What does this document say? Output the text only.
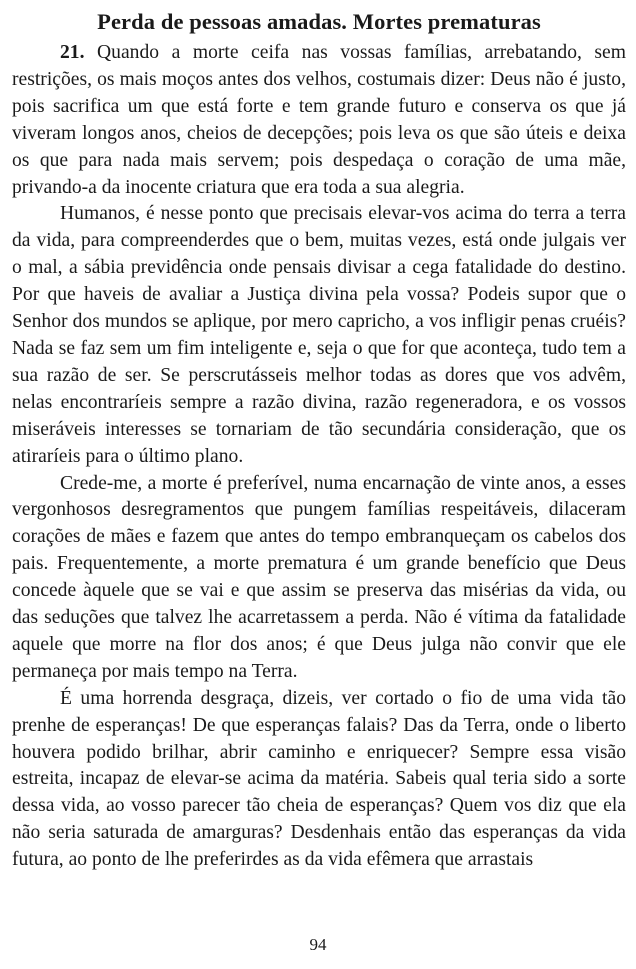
Perda de pessoas amadas. Mortes prematuras

21. Quando a morte ceifa nas vossas famílias, arrebatando, sem restrições, os mais moços antes dos velhos, costumais dizer: Deus não é justo, pois sacrifica um que está forte e tem grande futuro e conserva os que já viveram longos anos, cheios de decepções; pois leva os que são úteis e deixa os que para nada mais servem; pois despedaça o coração de uma mãe, privando-a da inocente criatura que era toda a sua alegria.

Humanos, é nesse ponto que precisais elevar-vos acima do terra a terra da vida, para compreenderdes que o bem, muitas vezes, está onde julgais ver o mal, a sábia previdência onde pensais divisar a cega fatalidade do destino. Por que haveis de avaliar a Justiça divina pela vossa? Podeis supor que o Senhor dos mundos se aplique, por mero capricho, a vos infligir penas cruéis? Nada se faz sem um fim inteligente e, seja o que for que aconteça, tudo tem a sua razão de ser. Se perscrutásseis melhor todas as dores que vos advêm, nelas encontraríeis sempre a razão divina, razão regeneradora, e os vossos miseráveis interesses se tornariam de tão secundária consideração, que os atiraríeis para o último plano.

Crede-me, a morte é preferível, numa encarnação de vinte anos, a esses vergonhosos desregramentos que pungem famílias respeitáveis, dilaceram corações de mães e fazem que antes do tempo embranqueçam os cabelos dos pais. Frequentemente, a morte prematura é um grande benefício que Deus concede àquele que se vai e que assim se preserva das misérias da vida, ou das seduções que talvez lhe acarretassem a perda. Não é vítima da fatalidade aquele que morre na flor dos anos; é que Deus julga não convir que ele permaneça por mais tempo na Terra.

É uma horrenda desgraça, dizeis, ver cortado o fio de uma vida tão prenhe de esperanças! De que esperanças falais? Das da Terra, onde o liberto houvera podido brilhar, abrir caminho e enriquecer? Sempre essa visão estreita, incapaz de elevar-se acima da matéria. Sabeis qual teria sido a sorte dessa vida, ao vosso parecer tão cheia de esperanças? Quem vos diz que ela não seria saturada de amarguras? Desdenhais então das esperanças da vida futura, ao ponto de lhe preferirdes as da vida efêmera que arrastais

94
